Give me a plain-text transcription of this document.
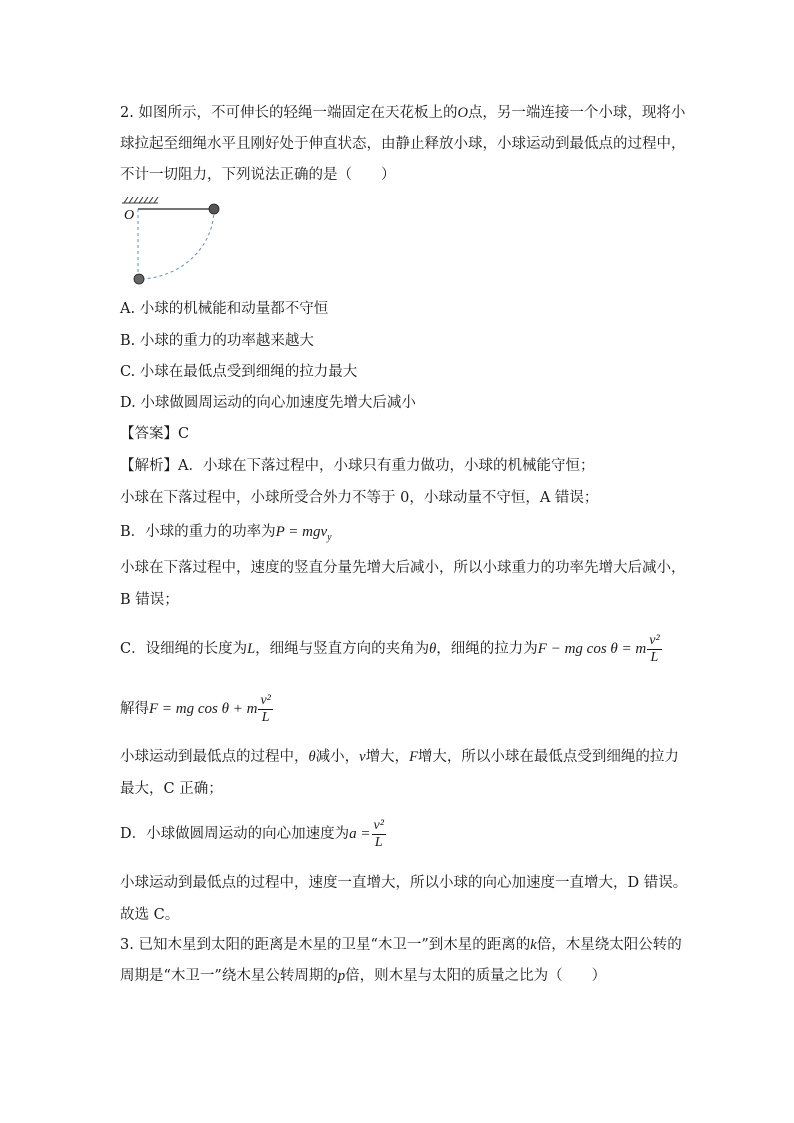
2. 如图所示，不可伸长的轻绳一端固定在天花板上的O点，另一端连接一个小球，现将小
球拉起至细绳水平且刚好处于伸直状态，由静止释放小球，小球运动到最低点的过程中，
不计一切阻力，下列说法正确的是（　　）
O
A. 小球的机械能和动量都不守恒
B. 小球的重力的功率越来越大
C. 小球在最低点受到细绳的拉力最大
D. 小球做圆周运动的向心加速度先增大后减小
【答案】C
【解析】A．小球在下落过程中，小球只有重力做功，小球的机械能守恒；
小球在下落过程中，小球所受合外力不等于 0，小球动量不守恒，A 错误；
B．小球的重力的功率为P = mgv$_y$
小球在下落过程中，速度的竖直分量先增大后减小，所以小球重力的功率先增大后减小，
B 错误；
C．设细绳的长度为L，细绳与竖直方向的夹角为θ，细绳的拉力为F − mg cos θ = m $\frac{\text{v²}}{L}$
解得F = mg cos θ + m $\frac{\text{v²}}{L}$
小球运动到最低点的过程中，θ减小，v增大，F增大，所以小球在最低点受到细绳的拉力
最大，C 正确；
D．小球做圆周运动的向心加速度为$a = \frac{\text{v²}}{L}$
小球运动到最低点的过程中，速度一直增大，所以小球的向心加速度一直增大，D 错误。
故选 C。
3. 已知木星到太阳的距离是木星的卫星“木卫一”到木星的距离的k倍，木星绕太阳公转的
周期是“木卫一”绕木星公转周期的p倍，则木星与太阳的质量之比为（　　）
